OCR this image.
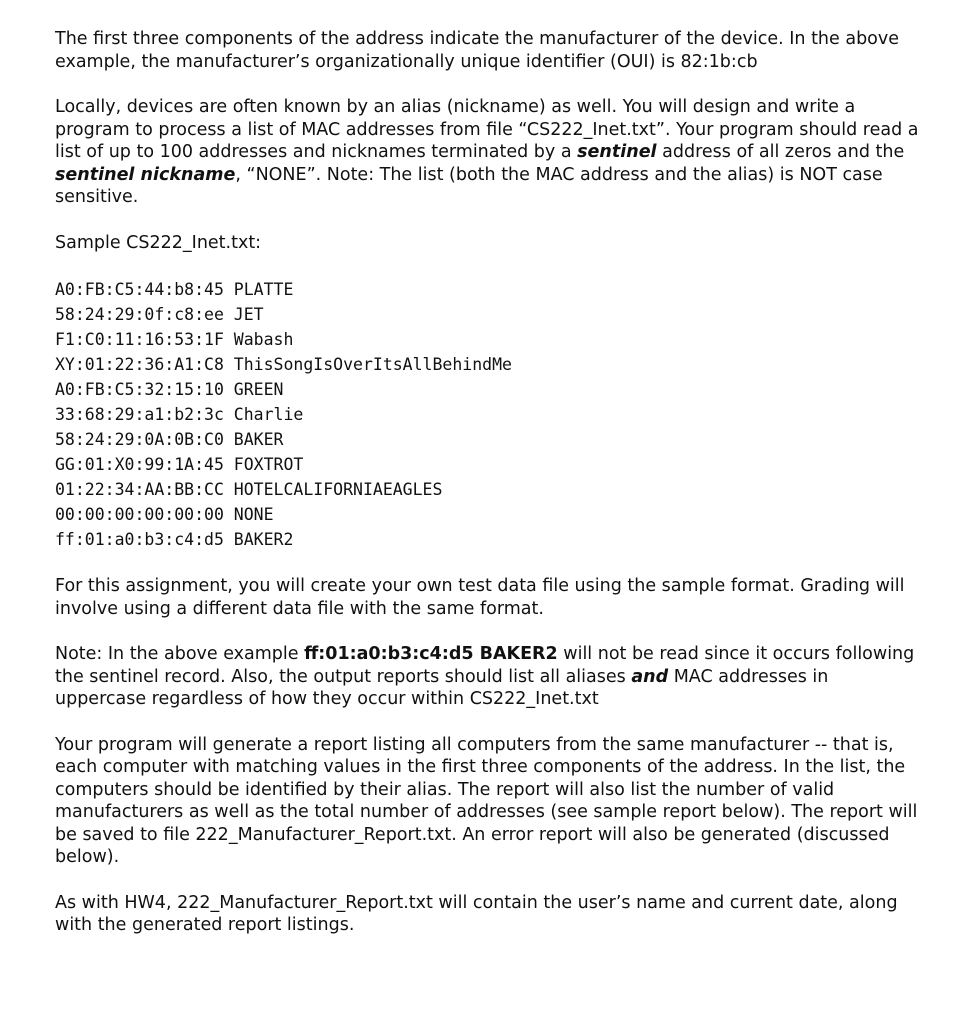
The first three components of the address indicate the manufacturer of the device. In the above example, the manufacturer’s organizationally unique identifier (OUI) is 82:1b:cb

Locally, devices are often known by an alias (nickname) as well. You will design and write a program to process a list of MAC addresses from file “CS222_Inet.txt”. Your program should read a list of up to 100 addresses and nicknames terminated by a sentinel address of all zeros and the sentinel nickname, “NONE”. Note: The list (both the MAC address and the alias) is NOT case sensitive.

Sample CS222_Inet.txt:

A0:FB:C5:44:b8:45 PLATTE
58:24:29:0f:c8:ee JET
F1:C0:11:16:53:1F Wabash
XY:01:22:36:A1:C8 ThisSongIsOverItsAllBehindMe
A0:FB:C5:32:15:10 GREEN
33:68:29:a1:b2:3c Charlie
58:24:29:0A:0B:C0 BAKER
GG:01:X0:99:1A:45 FOXTROT
01:22:34:AA:BB:CC HOTELCALIFORNIAEAGLES
00:00:00:00:00:00 NONE
ff:01:a0:b3:c4:d5 BAKER2

For this assignment, you will create your own test data file using the sample format. Grading will involve using a different data file with the same format.

Note: In the above example ff:01:a0:b3:c4:d5 BAKER2 will not be read since it occurs following the sentinel record. Also, the output reports should list all aliases and MAC addresses in uppercase regardless of how they occur within CS222_Inet.txt

Your program will generate a report listing all computers from the same manufacturer -- that is, each computer with matching values in the first three components of the address. In the list, the computers should be identified by their alias. The report will also list the number of valid manufacturers as well as the total number of addresses (see sample report below). The report will be saved to file 222_Manufacturer_Report.txt. An error report will also be generated (discussed below).

As with HW4, 222_Manufacturer_Report.txt will contain the user’s name and current date, along with the generated report listings.
